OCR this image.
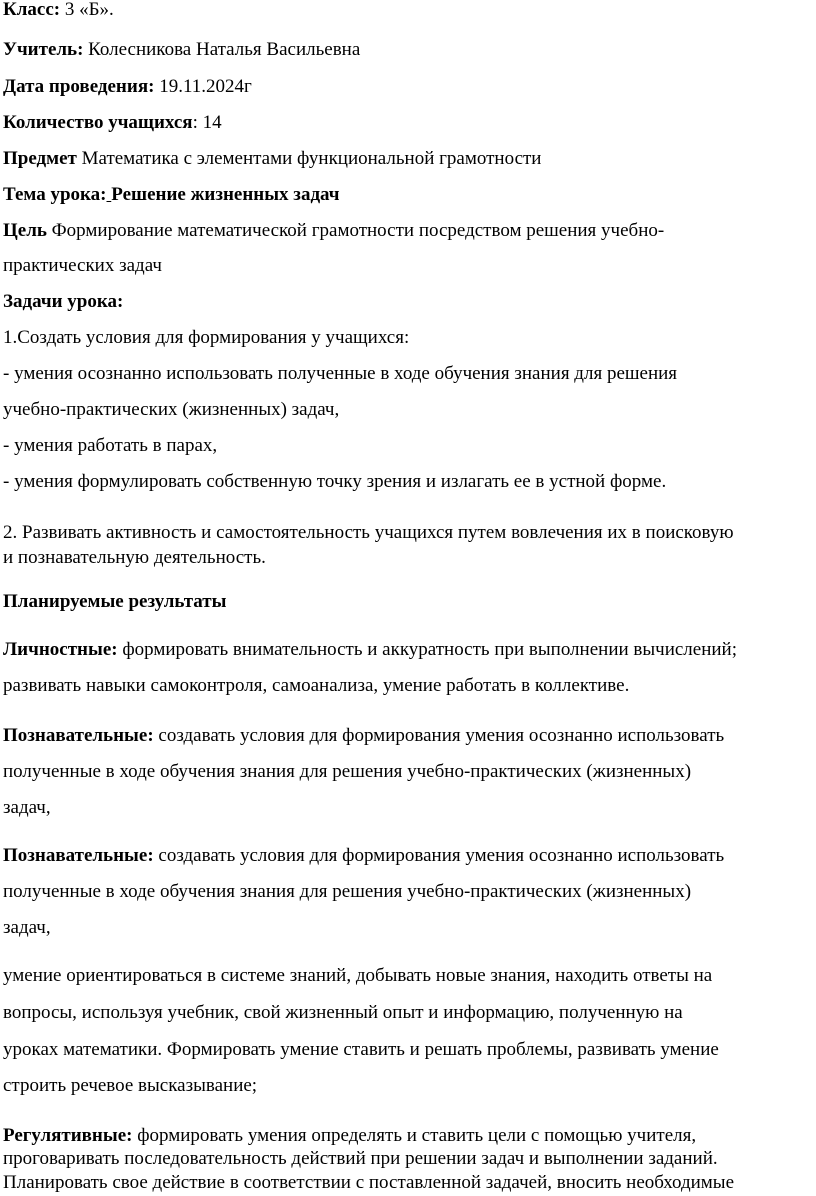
Класс: 3 «Б».
Учитель: Колесникова Наталья Васильевна
Дата проведения: 19.11.2024г
Количество учащихся: 14
Предмет Математика с элементами функциональной грамотности
Тема урока: Решение жизненных задач
Цель Формирование математической грамотности посредством решения учебно-
практических задач
Задачи урока:
1.Создать условия для формирования у учащихся:
- умения осознанно использовать полученные в ходе обучения знания для решения
учебно-практических (жизненных) задач,
- умения работать в парах,
- умения формулировать собственную точку зрения и излагать ее в устной форме.
2. Развивать активность и самостоятельность учащихся путем вовлечения их в поисковую
и познавательную деятельность.
Планируемые результаты
Личностные: формировать внимательность и аккуратность при выполнении вычислений;
развивать навыки самоконтроля, самоанализа, умение работать в коллективе.
Познавательные: создавать условия для формирования умения осознанно использовать
полученные в ходе обучения знания для решения учебно-практических (жизненных)
задач,
Познавательные: создавать условия для формирования умения осознанно использовать
полученные в ходе обучения знания для решения учебно-практических (жизненных)
задач,
умение ориентироваться в системе знаний, добывать новые знания, находить ответы на
вопросы, используя учебник, свой жизненный опыт и информацию, полученную на
уроках математики. Формировать умение ставить и решать проблемы, развивать умение
строить речевое высказывание;
Регулятивные: формировать умения определять и ставить цели с помощью учителя,
проговаривать последовательность действий при решении задач и выполнении заданий.
Планировать свое действие в соответствии с поставленной задачей, вносить необходимые
